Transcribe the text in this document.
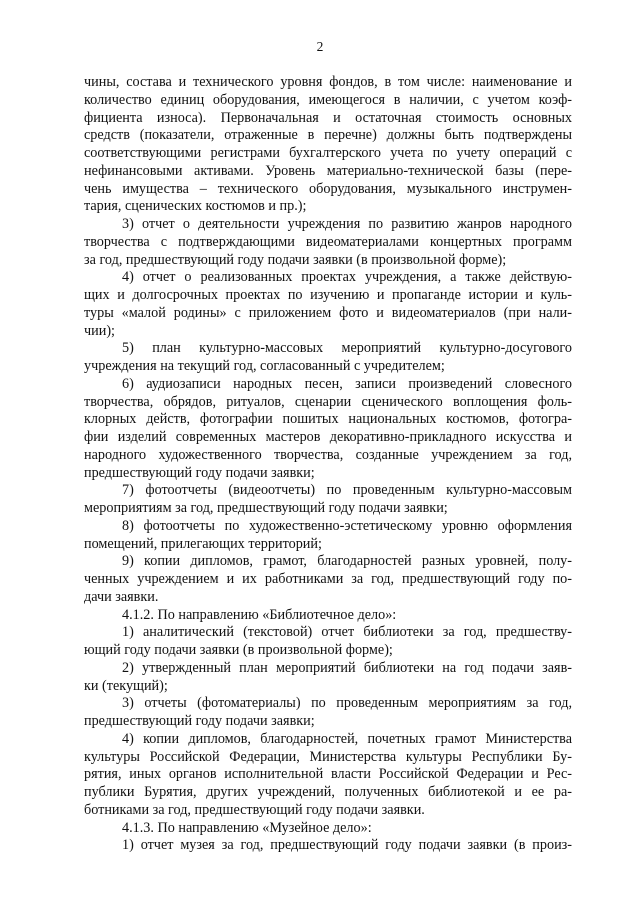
2
чины, состава и технического уровня фондов, в том числе: наименование и
количество единиц оборудования, имеющегося в наличии, с учетом коэф-
фициента износа). Первоначальная и остаточная стоимость основных
средств (показатели, отраженные в перечне) должны быть подтверждены
соответствующими регистрами бухгалтерского учета по учету операций с
нефинансовыми активами. Уровень материально-технической базы (пере-
чень имущества – технического оборудования, музыкального инструмен-
тария, сценических костюмов и пр.);
3) отчет о деятельности учреждения по развитию жанров народного
творчества с подтверждающими видеоматериалами концертных программ
за год, предшествующий году подачи заявки (в произвольной форме);
4) отчет о реализованных проектах учреждения, а также действую-
щих и долгосрочных проектах по изучению и пропаганде истории и куль-
туры «малой родины» с приложением фото и видеоматериалов (при нали-
чии);
5) план культурно-массовых мероприятий культурно-досугового
учреждения на текущий год, согласованный с учредителем;
6) аудиозаписи народных песен, записи произведений словесного
творчества, обрядов, ритуалов, сценарии сценического воплощения фоль-
клорных действ, фотографии пошитых национальных костюмов, фотогра-
фии изделий современных мастеров декоративно-прикладного искусства и
народного художественного творчества, созданные учреждением за год,
предшествующий году подачи заявки;
7) фотоотчеты (видеоотчеты) по проведенным культурно-массовым
мероприятиям за год, предшествующий году подачи заявки;
8) фотоотчеты по художественно-эстетическому уровню оформления
помещений, прилегающих территорий;
9) копии дипломов, грамот, благодарностей разных уровней, полу-
ченных учреждением и их работниками за год, предшествующий году по-
дачи заявки.
4.1.2. По направлению «Библиотечное дело»:
1) аналитический (текстовой) отчет библиотеки за год, предшеству-
ющий году подачи заявки (в произвольной форме);
2) утвержденный план мероприятий библиотеки на год подачи заяв-
ки (текущий);
3) отчеты (фотоматериалы) по проведенным мероприятиям за год,
предшествующий году подачи заявки;
4) копии дипломов, благодарностей, почетных грамот Министерства
культуры Российской Федерации, Министерства культуры Республики Бу-
рятия, иных органов исполнительной власти Российской Федерации и Рес-
публики Бурятия, других учреждений, полученных библиотекой и ее ра-
ботниками за год, предшествующий году подачи заявки.
4.1.3. По направлению «Музейное дело»:
1) отчет музея за год, предшествующий году подачи заявки (в произ-
